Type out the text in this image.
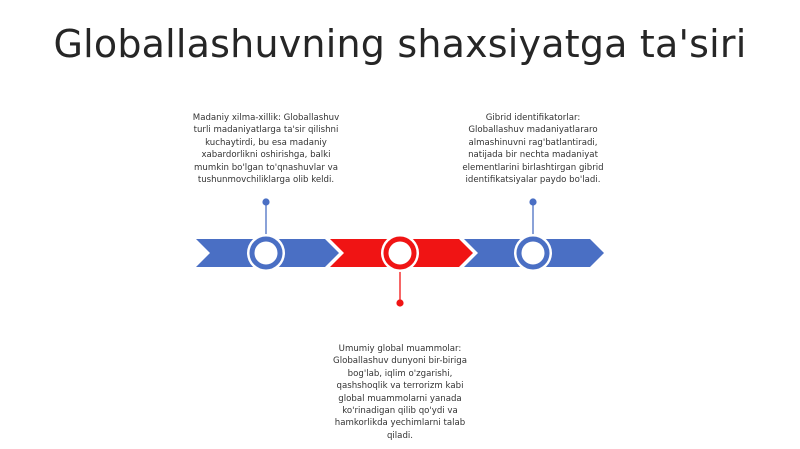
Globallashuvning shaxsiyatga ta'siri
Madaniy xilma-xillik: Globallashuv turli madaniyatlarga ta'sir qilishni kuchaytirdi, bu esa madaniy xabardorlikni oshirishga, balki mumkin bo'lgan to'qnashuvlar va tushunmovchiliklarga olib keldi.
Umumiy global muammolar: Globallashuv dunyoni bir-biriga bog'lab, iqlim o'zgarishi, qashshoqlik va terrorizm kabi global muammolarni yanada ko'rinadigan qilib qo'ydi va hamkorlikda yechimlarni talab qiladi.
Gibrid identifikatorlar: Globallashuv madaniyatlararo almashinuvni rag'batlantiradi, natijada bir nechta madaniyat elementlarini birlashtirgan gibrid identifikatsiyalar paydo bo'ladi.
